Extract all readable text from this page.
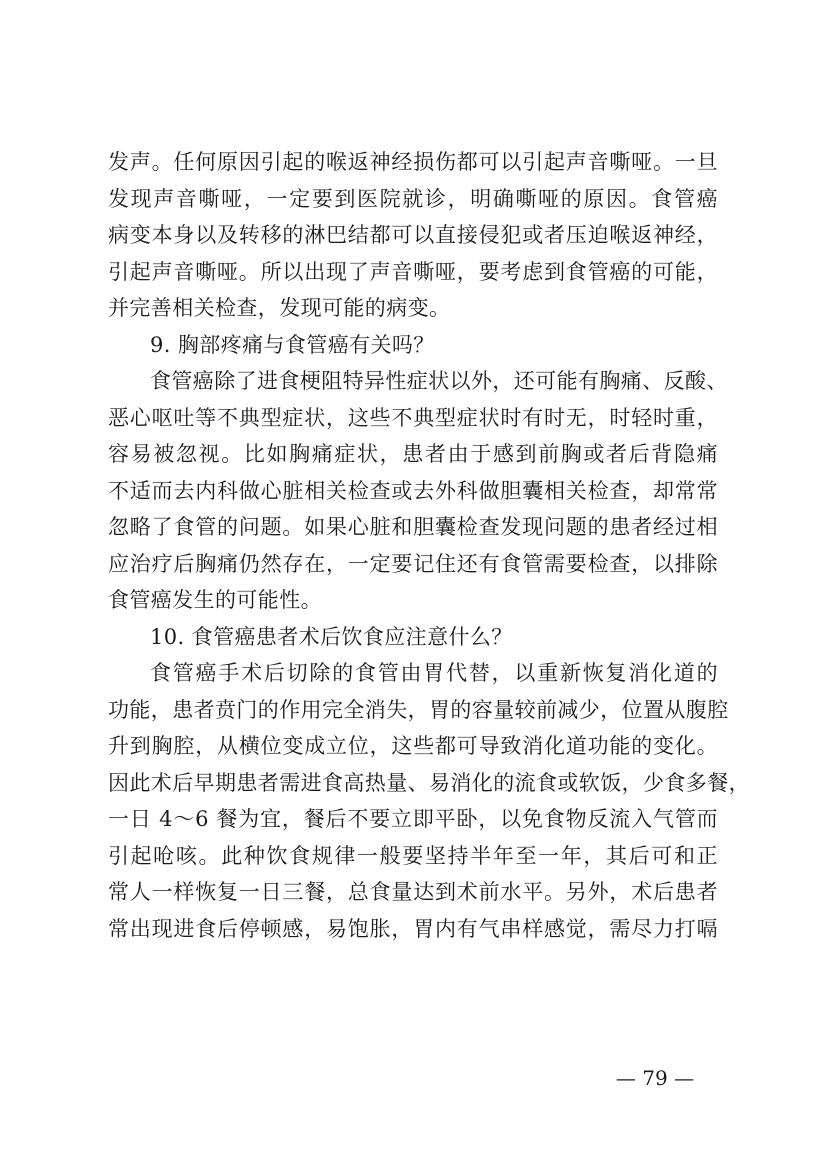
发声。任何原因引起的喉返神经损伤都可以引起声音嘶哑。一旦
发现声音嘶哑，一定要到医院就诊，明确嘶哑的原因。食管癌
病变本身以及转移的淋巴结都可以直接侵犯或者压迫喉返神经，
引起声音嘶哑。所以出现了声音嘶哑，要考虑到食管癌的可能，
并完善相关检查，发现可能的病变。
9. 胸部疼痛与食管癌有关吗？
食管癌除了进食梗阻特异性症状以外，还可能有胸痛、反酸、
恶心呕吐等不典型症状，这些不典型症状时有时无，时轻时重，
容易被忽视。比如胸痛症状，患者由于感到前胸或者后背隐痛
不适而去内科做心脏相关检查或去外科做胆囊相关检查，却常常
忽略了食管的问题。如果心脏和胆囊检查发现问题的患者经过相
应治疗后胸痛仍然存在，一定要记住还有食管需要检查，以排除
食管癌发生的可能性。
10. 食管癌患者术后饮食应注意什么？
食管癌手术后切除的食管由胃代替，以重新恢复消化道的
功能，患者贲门的作用完全消失，胃的容量较前减少，位置从腹腔
升到胸腔，从横位变成立位，这些都可导致消化道功能的变化。
因此术后早期患者需进食高热量、易消化的流食或软饭，少食多餐，
一日 4～6 餐为宜，餐后不要立即平卧，以免食物反流入气管而
引起呛咳。此种饮食规律一般要坚持半年至一年，其后可和正
常人一样恢复一日三餐，总食量达到术前水平。另外，术后患者
常出现进食后停顿感，易饱胀，胃内有气串样感觉，需尽力打嗝
— 79 —
